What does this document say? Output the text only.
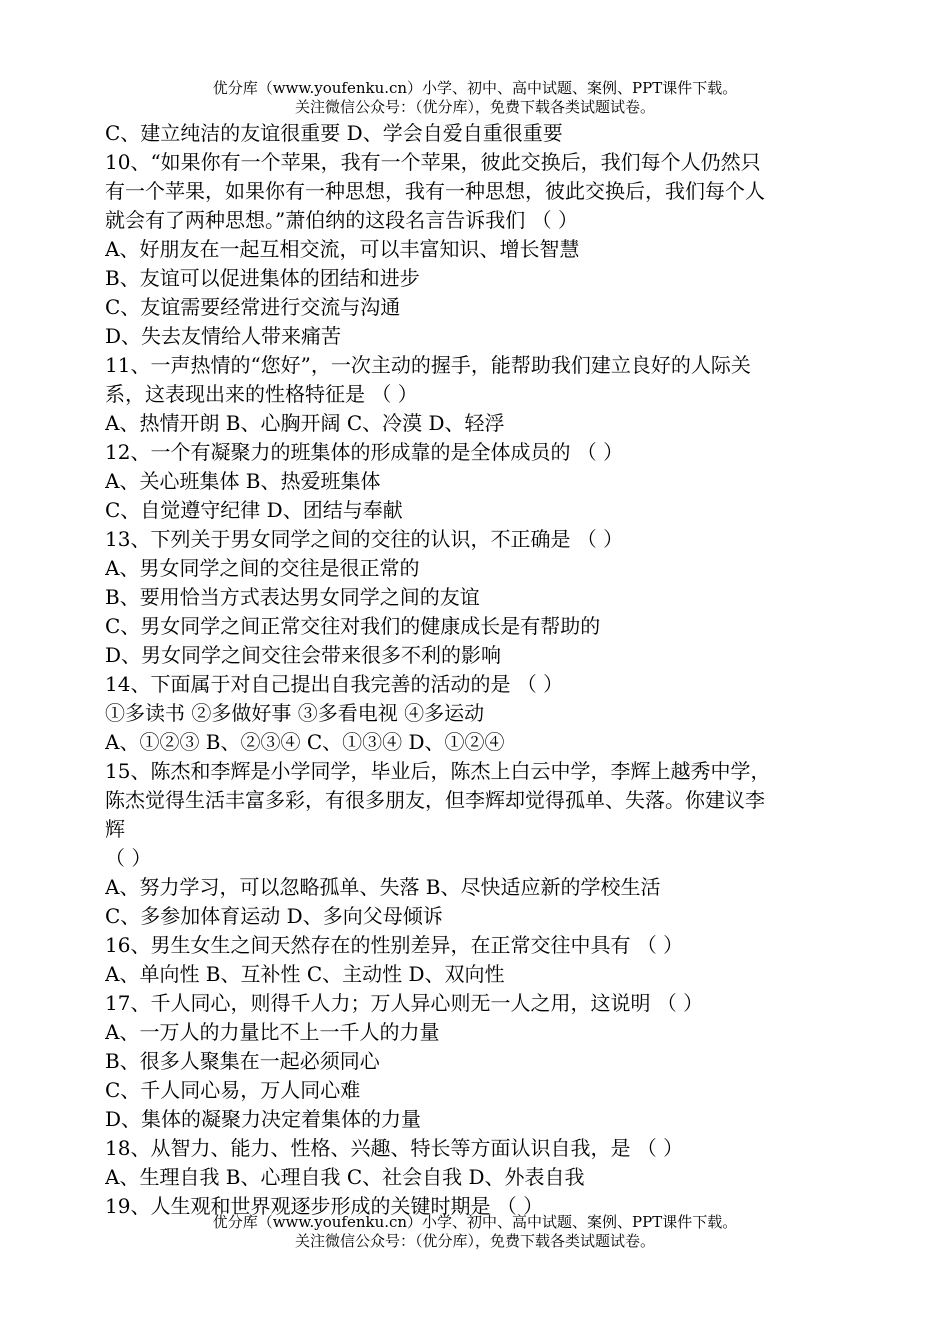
优分库（www.youfenku.cn）小学、初中、高中试题、案例、PPT课件下载。
关注微信公众号：（优分库），免费下载各类试题试卷。
C、建立纯洁的友谊很重要 D、学会自爱自重很重要
10、“如果你有一个苹果，我有一个苹果，彼此交换后，我们每个人仍然只
有一个苹果，如果你有一种思想，我有一种思想，彼此交换后，我们每个人
就会有了两种思想。”萧伯纳的这段名言告诉我们 （ ）
A、好朋友在一起互相交流，可以丰富知识、增长智慧
B、友谊可以促进集体的团结和进步
C、友谊需要经常进行交流与沟通
D、失去友情给人带来痛苦
11、一声热情的“您好”，一次主动的握手，能帮助我们建立良好的人际关
系，这表现出来的性格特征是 （ ）
A、热情开朗 B、心胸开阔 C、冷漠 D、轻浮
12、一个有凝聚力的班集体的形成靠的是全体成员的 （ ）
A、关心班集体 B、热爱班集体
C、自觉遵守纪律 D、团结与奉献
13、下列关于男女同学之间的交往的认识，不正确是 （ ）
A、男女同学之间的交往是很正常的
B、要用恰当方式表达男女同学之间的友谊
C、男女同学之间正常交往对我们的健康成长是有帮助的
D、男女同学之间交往会带来很多不利的影响
14、下面属于对自己提出自我完善的活动的是 （ ）
①多读书 ②多做好事 ③多看电视 ④多运动
A、①②③ B、②③④ C、①③④ D、①②④
15、陈杰和李辉是小学同学，毕业后，陈杰上白云中学，李辉上越秀中学，
陈杰觉得生活丰富多彩，有很多朋友，但李辉却觉得孤单、失落。你建议李
辉
（ ）
A、努力学习，可以忽略孤单、失落 B、尽快适应新的学校生活
C、多参加体育运动 D、多向父母倾诉
16、男生女生之间天然存在的性别差异，在正常交往中具有 （ ）
A、单向性 B、互补性 C、主动性 D、双向性
17、千人同心，则得千人力；万人异心则无一人之用，这说明 （ ）
A、一万人的力量比不上一千人的力量
B、很多人聚集在一起必须同心
C、千人同心易，万人同心难
D、集体的凝聚力决定着集体的力量
18、从智力、能力、性格、兴趣、特长等方面认识自我，是 （ ）
A、生理自我 B、心理自我 C、社会自我 D、外表自我
19、人生观和世界观逐步形成的关键时期是 （ ）
优分库（www.youfenku.cn）小学、初中、高中试题、案例、PPT课件下载。
关注微信公众号：（优分库），免费下载各类试题试卷。
